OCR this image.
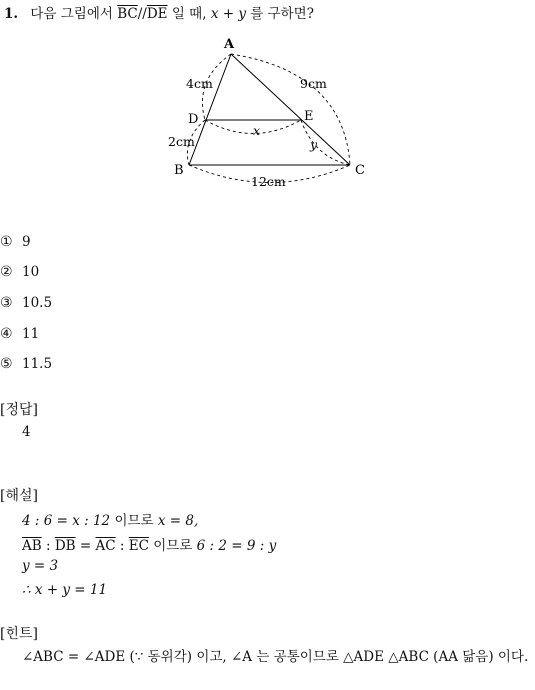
1. 다음 그림에서 $\overline{BC}//\overline{DE}$ 일 때, x + y 를 구하면?
A
D	E
B	C
4cm	9cm
2cm
12cm
x
y
① 9
② 10
③ 10.5
④ 11
⑤ 11.5
[정답]
4
[해설]
4 : 6 = x : 12 이므로 x = 8,
$\overline{AB}$ : $\overline{DB} = \overline{AC}$ : $\overline{EC}$ 이므로 6 : 2 = 9 : y
y = 3
∴ x + y = 11
[힌트]
∠ABC = ∠ADE (∵ 동위각) 이고, ∠A 는 공통이므로 △ADE △ABC (AA 닮음) 이다.
